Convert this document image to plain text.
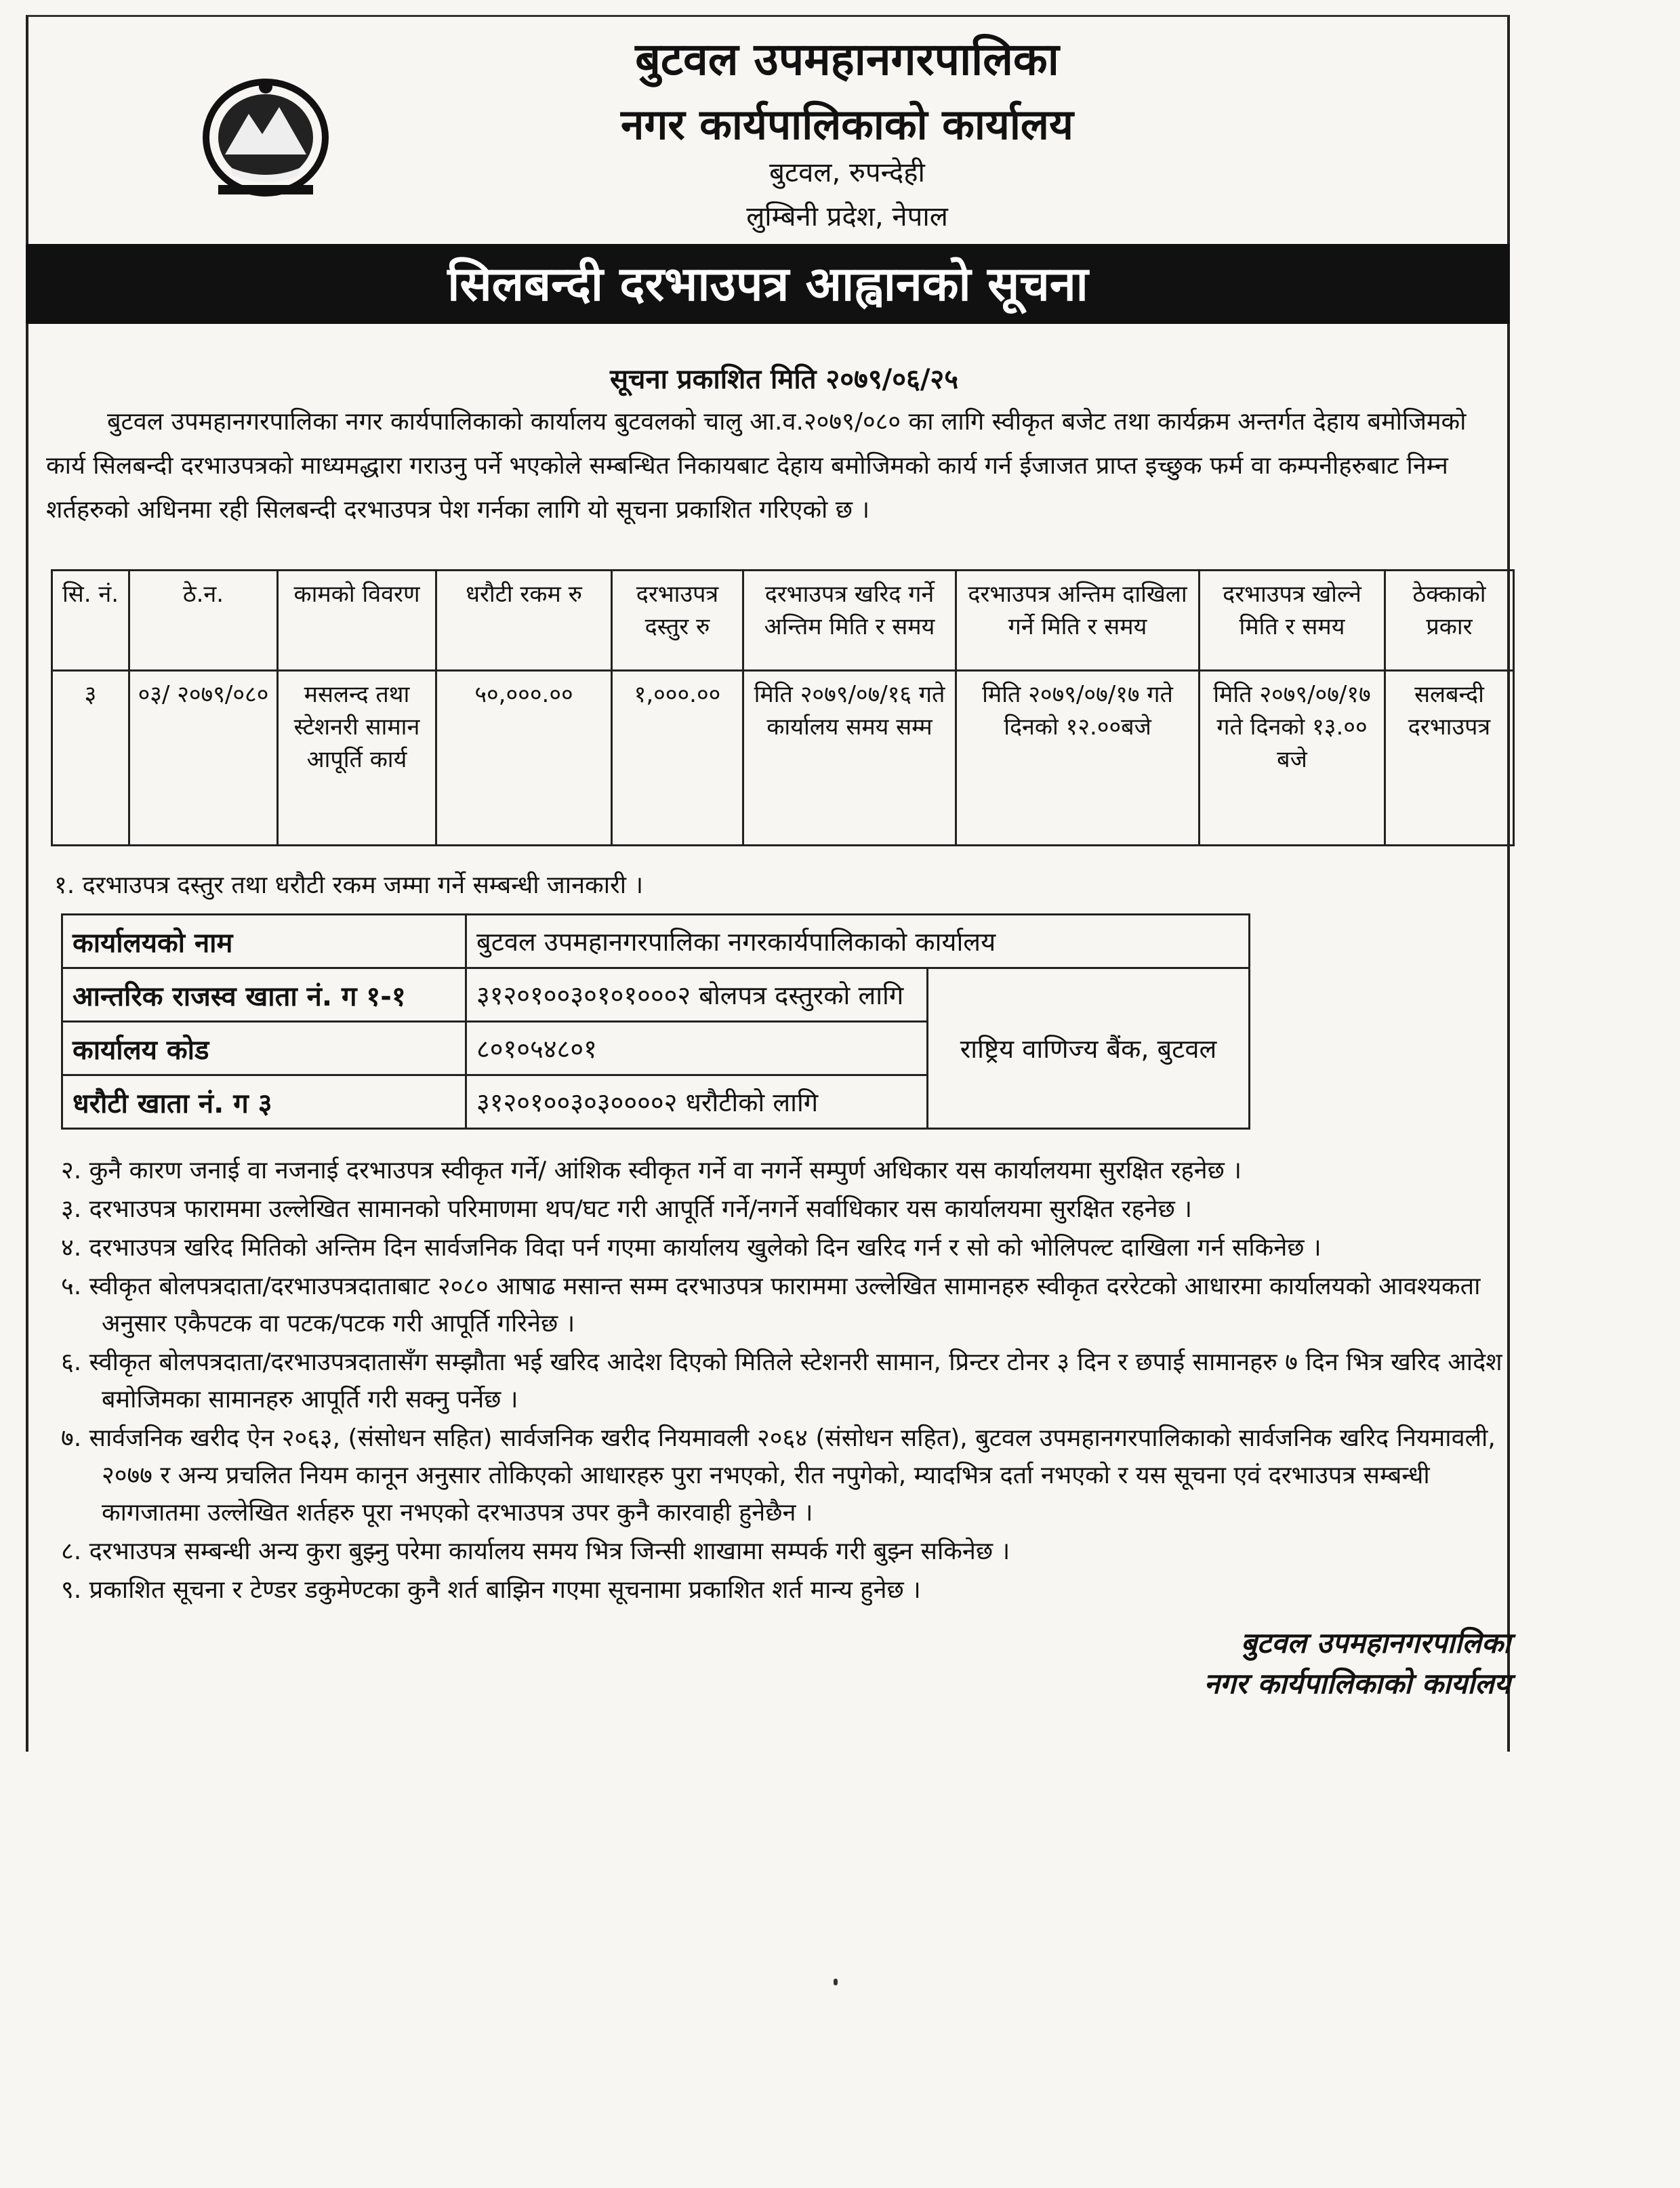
बुटवल उपमहानगरपालिका

नगर कार्यपालिकाको कार्यालय

बुटवल, रुपन्देही

लुम्बिनी प्रदेश, नेपाल

सिलबन्दी दरभाउपत्र आह्वानको सूचना
सूचना प्रकाशित मिति २०७९/०६/२५

बुटवल उपमहानगरपालिका नगर कार्यपालिकाको कार्यालय बुटवलको चालु आ.व.२०७९/०८० का लागि स्वीकृत बजेट तथा कार्यक्रम अन्तर्गत देहाय बमोजिमको कार्य सिलबन्दी दरभाउपत्रको माध्यमद्धारा गराउनु पर्ने भएकोले सम्बन्धित निकायबाट देहाय बमोजिमको कार्य गर्न ईजाजत प्राप्त इच्छुक फर्म वा कम्पनीहरुबाट निम्न शर्तहरुको अधिनमा रही सिलबन्दी दरभाउपत्र पेश गर्नका लागि यो सूचना प्रकाशित गरिएको छ ।

सि. नं.	ठे.न.	कामको विवरण	धरौटी रकम रु	दरभाउपत्र दस्तुर रु	दरभाउपत्र खरिद गर्ने अन्तिम मिति र समय	दरभाउपत्र अन्तिम दाखिला गर्ने मिति र समय	दरभाउपत्र खोल्ने मिति र समय	ठेक्काको प्रकार
३	०३/ २०७९/०८०	मसलन्द तथा स्टेशनरी सामान आपूर्ति कार्य	५०,०००.००	१,०००.००	मिति २०७९/०७/१६ गते कार्यालय समय सम्म	मिति २०७९/०७/१७ गते दिनको १२.००बजे	मिति २०७९/०७/१७ गते दिनको १३.०० बजे	सलबन्दी दरभाउपत्र

१. दरभाउपत्र दस्तुर तथा धरौटी रकम जम्मा गर्ने सम्बन्धी जानकारी ।

कार्यालयको नाम	बुटवल उपमहानगरपालिका नगरकार्यपालिकाको कार्यालय	
आन्तरिक राजस्व खाता नं. ग १-१	३१२०१००३०१०१०००२ बोलपत्र दस्तुरको लागि	राष्ट्रिय वाणिज्य बैंक, बुटवल
कार्यालय कोड	८०१०५४८०१	
धरौटी खाता नं. ग ३	३१२०१००३०३००००२ धरौटीको लागि	
२. कुनै कारण जनाई वा नजनाई दरभाउपत्र स्वीकृत गर्ने/ आंशिक स्वीकृत गर्ने वा नगर्ने सम्पुर्ण अधिकार यस कार्यालयमा सुरक्षित रहनेछ ।
३. दरभाउपत्र फाराममा उल्लेखित सामानको परिमाणमा थप/घट गरी आपूर्ति गर्ने/नगर्ने सर्वाधिकार यस कार्यालयमा सुरक्षित रहनेछ ।
४. दरभाउपत्र खरिद मितिको अन्तिम दिन सार्वजनिक विदा पर्न गएमा कार्यालय खुलेको दिन खरिद गर्न र सो को भोलिपल्ट दाखिला गर्न सकिनेछ ।
५. स्वीकृत बोलपत्रदाता/दरभाउपत्रदाताबाट २०८० आषाढ मसान्त सम्म दरभाउपत्र फाराममा उल्लेखित सामानहरु स्वीकृत दररेटको आधारमा कार्यालयको आवश्यकता अनुसार एकैपटक वा पटक/पटक गरी आपूर्ति गरिनेछ ।
६. स्वीकृत बोलपत्रदाता/दरभाउपत्रदातासँग सम्झौता भई खरिद आदेश दिएको मितिले स्टेशनरी सामान, प्रिन्टर टोनर ३ दिन र छपाई सामानहरु ७ दिन भित्र खरिद आदेश बमोजिमका सामानहरु आपूर्ति गरी सक्नु पर्नेछ ।
७. सार्वजनिक खरीद ऐन २०६३, (संसोधन सहित) सार्वजनिक खरीद नियमावली २०६४ (संसोधन सहित), बुटवल उपमहानगरपालिकाको सार्वजनिक खरिद नियमावली, २०७७ र अन्य प्रचलित नियम कानून अनुसार तोकिएको आधारहरु पुरा नभएको, रीत नपुगेको, म्यादभित्र दर्ता नभएको र यस सूचना एवं दरभाउपत्र सम्बन्धी कागजातमा उल्लेखित शर्तहरु पूरा नभएको दरभाउपत्र उपर कुनै कारवाही हुनेछैन ।
८. दरभाउपत्र सम्बन्धी अन्य कुरा बुझ्नु परेमा कार्यालय समय भित्र जिन्सी शाखामा सम्पर्क गरी बुझ्न सकिनेछ ।
९. प्रकाशित सूचना र टेण्डर डकुमेण्टका कुनै शर्त बाझिन गएमा सूचनामा प्रकाशित शर्त मान्य हुनेछ ।

बुटवल उपमहानगरपालिका

नगर कार्यपालिकाको कार्यालय
